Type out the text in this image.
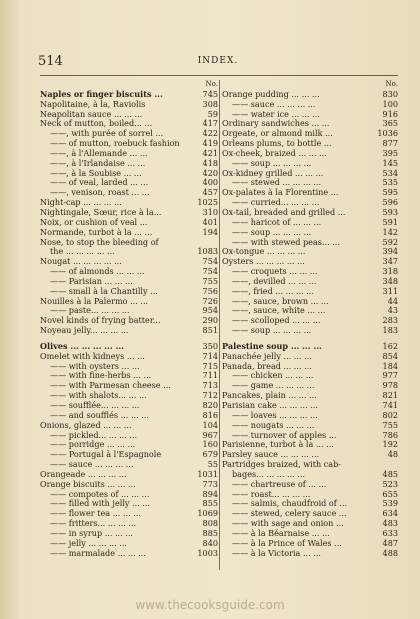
514	INDEX.
No.
Naples or finger biscuits ...	745
Napolitaine, à la, Raviolis	308
Neapolitan sauce ... ... ...	59
Neck of mutton, boiled... ...	417
——, with purée of sorrel ...	422
—— of mutton, roebuck fashion	419
——, à l'Allemande ... ...	421
——, à l'Irlandaise ... ...	418
——, à la Soubise ... ...	420
—— of veal, larded ... ...	400
——, venison, roast ... ...	457
Night-cap ... ... ... ...	1025
Nightingale, Sœur, rice à la...	310
Noix, or cushion of veal ...	401
Normande, turbot à la ... ...	194
Nose, to stop the bleeding of
the ... ... ... ... ...	1083
Nougat ... ... ... ... ...	754
—— of almonds ... ... ...	754
—— Parisian ... ... ...	755
—— small à la Chantilly ...	756
Nouilles à la Palermo ... ...	726
—— paste... ... ... ...	954
Novel kinds of frying batter...	290
Noyeau jelly... ... ... ...	851
Olives ... ... ... ... ...	350
Omelet with kidneys ... ...	714
—— with oysters ... ...	715
—— with fine-herbs ... ...	711
—— with Parmesan cheese ...	713
—— with shalots... ... ...	712
—— soufflée... ... ... ...	820
—— and soufflés ... ... ...	816
Onions, glazed ... ... ...	104
—— pickled... ... ... ...	967
—— porridge ... ... ...	160
—— Portugal à l'Espagnole	679
—— sauce ... ... ... ...	55
Orangeade ... ... ... ...	1031
Orange biscuits ... ... ...	773
—— compotes of ... ... ...	894
—— filled with jelly ... ...	855
—— flower tea ... ... ...	1069
—— fritters... ... ... ...	808
—— in syrup ... ... ...	885
—— jelly ... ... ... ...	840
—— marmalade ... ... ...	1003
No.
Orange pudding ... ... ...	830
—— sauce ... ... ... ...	100
—— water ice ... ... ...	916
Ordinary sandwiches ... ...	365
Orgeate, or almond milk ...	1036
Orleans plums, to bottle ...	877
Ox-cheek, braized ... ... ...	395
—— soup ... ... ... ...	145
Ox-kidney grilled ... ... ...	534
—— stewed ... ... ... ...	535
Ox-palates à la Florentine ...	595
—— curried... ... ... ...	596
Ox-tail, breaded and grilled ...	593
—— haricot of ... ... ...	591
—— soup ... ... ... ...	142
—— with stewed peas... ...	592
Ox-tongue ... ... ... ...	394
Oysters ... ... ... ... ...	347
—— croquets ... ... ...	318
——, devilled ... ... ...	348
——, fried ... ... ... ...	311
——, sauce, brown ... ...	44
——, sauce, white ... ...	43
—— scolloped ... ... ...	283
—— soup ... ... ... ...	183
Palestine soup ... ... ...	162
Panachée jelly ... ... ...	854
Panada, bread ... ... ...	184
—— chicken ... ... ...	977
—— game ... ... ... ...	978
Pancakes, plain ... ... ...	821
Parisian cake ... ... ... ...	741
—— loaves ... ... ... ...	802
—— nougats ... ... ...	755
—— turnover of apples ...	786
Parisienne, turbot à la ... ...	192
Parsley sauce ... ... ... ...	48
Partridges braized, with cab-
bages... ... ... ... ...	485
—— chartreuse of ... ...	523
—— roast... ... ... ...	655
—— salmis, chaudfroid of ...	539
—— stewed, celery sauce ...	634
—— with sage and onion ...	483
—— à la Béarnaise ... ...	633
—— à la Prince of Wales ...	487
—— à la Victoria ... ...	488
www.thecooksguide.com
